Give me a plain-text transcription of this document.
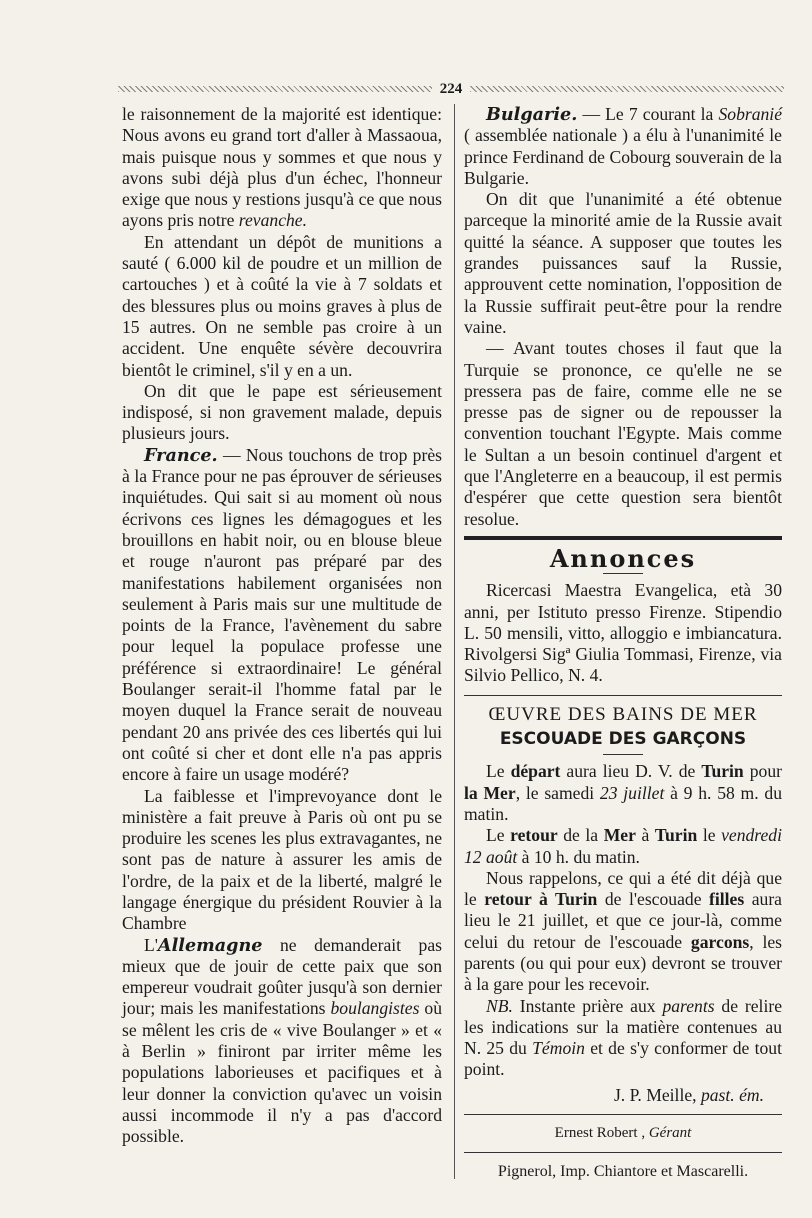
224

le raisonnement de la majorité est identique: Nous avons eu grand tort d'aller à Massaoua, mais puisque nous y sommes et que nous y avons subi déjà plus d'un échec, l'honneur exige que nous y restions jusqu'à ce que nous ayons pris notre revanche.

En attendant un dépôt de munitions a sauté ( 6.000 kil de poudre et un million de cartouches ) et à coûté la vie à 7 soldats et des blessures plus ou moins graves à plus de 15 autres. On ne semble pas croire à un accident. Une enquête sévère decouvrira bientôt le criminel, s'il y en a un.

On dit que le pape est sérieusement indisposé, si non gravement malade, depuis plusieurs jours.

France. — Nous touchons de trop près à la France pour ne pas éprouver de sérieuses inquiétudes. Qui sait si au moment où nous écrivons ces lignes les démagogues et les brouillons en habit noir, ou en blouse bleue et rouge n'auront pas préparé par des manifestations habilement organisées non seulement à Paris mais sur une multitude de points de la France, l'avènement du sabre pour lequel la populace professe une préférence si extraordinaire! Le général Boulanger serait-il l'homme fatal par le moyen duquel la France serait de nouveau pendant 20 ans privée des ces libertés qui lui ont coûté si cher et dont elle n'a pas appris encore à faire un usage modéré?

La faiblesse et l'imprevoyance dont le ministère a fait preuve à Paris où ont pu se produire les scenes les plus extravagantes, ne sont pas de nature à assurer les amis de l'ordre, de la paix et de la liberté, malgré le langage énergique du président Rouvier à la Chambre

L'Allemagne ne demanderait pas mieux que de jouir de cette paix que son empereur voudrait goûter jusqu'à son dernier jour; mais les manifestations boulangistes où se mêlent les cris de « vive Boulanger » et « à Berlin » finiront par irriter même les populations laborieuses et pacifiques et à leur donner la conviction qu'avec un voisin aussi incommode il n'y a pas d'accord possible.

Bulgarie. — Le 7 courant la Sobranié ( assemblée nationale ) a élu à l'unanimité le prince Ferdinand de Cobourg souverain de la Bulgarie.

On dit que l'unanimité a été obtenue parceque la minorité amie de la Russie avait quitté la séance. A supposer que toutes les grandes puissances sauf la Russie, approuvent cette nomination, l'opposition de la Russie suffirait peut-être pour la rendre vaine.

— Avant toutes choses il faut que la Turquie se prononce, ce qu'elle ne se pressera pas de faire, comme elle ne se presse pas de signer ou de repousser la convention touchant l'Egypte. Mais comme le Sultan a un besoin continuel d'argent et que l'Angleterre en a beaucoup, il est permis d'espérer que cette question sera bientôt resolue.

Annonces

Ricercasi Maestra Evangelica, età 30 anni, per Istituto presso Firenze. Stipendio L. 50 mensili, vitto, alloggio e imbiancatura. Rivolgersi Sigª Giulia Tommasi, Firenze, via Silvio Pellico, N. 4.

ŒUVRE DES BAINS DE MER
ESCOUADE DES GARÇONS

Le départ aura lieu D. V. de Turin pour la Mer, le samedi 23 juillet à 9 h. 58 m. du matin.

Le retour de la Mer à Turin le vendredi 12 août à 10 h. du matin.

Nous rappelons, ce qui a été dit déjà que le retour à Turin de l'escouade filles aura lieu le 21 juillet, et que ce jour-là, comme celui du retour de l'escouade garcons, les parents (ou qui pour eux) devront se trouver à la gare pour les recevoir.

NB. Instante prière aux parents de relire les indications sur la matière contenues au N. 25 du Témoin et de s'y conformer de tout point.

J. P. Meille, past. ém.
Ernest Robert , Gérant
Pignerol, Imp. Chiantore et Mascarelli.
